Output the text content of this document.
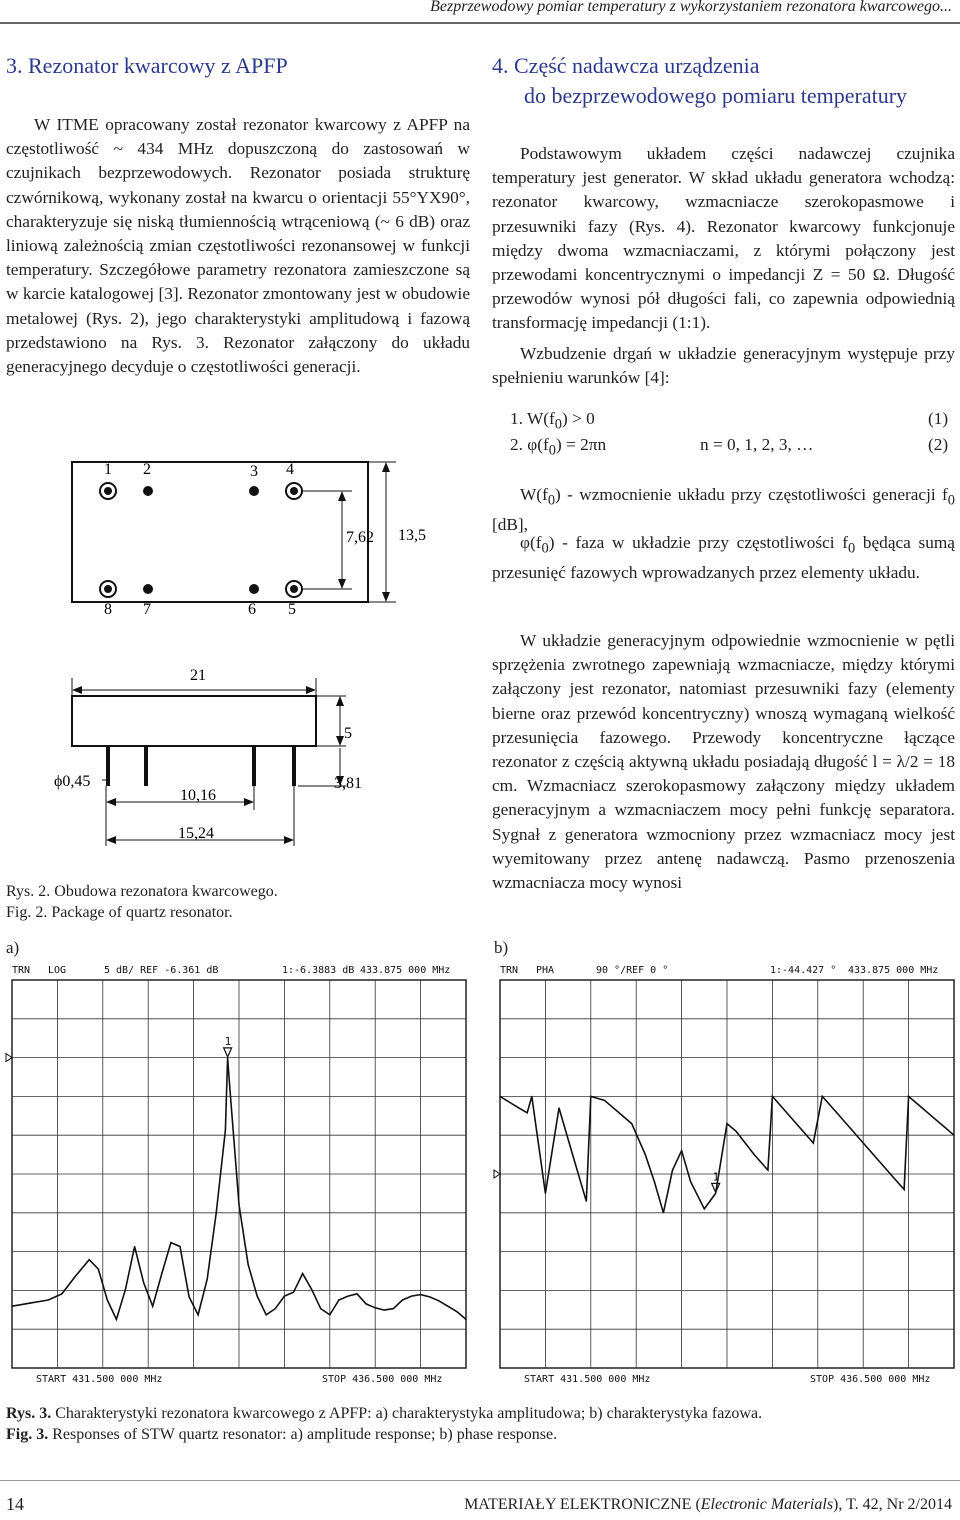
Bezprzewodowy pomiar temperatury z wykorzystaniem rezonatora kwarcowego...
3. Rezonator kwarcowy z APFP
W ITME opracowany został rezonator kwarcowy z APFP na częstotliwość ~ 434 MHz dopuszczoną do zastosowań w czujnikach bezprzewodowych. Rezonator posiada strukturę czwórnikową, wykonany został na kwarcu o orientacji 55°YX90°, charakteryzuje się niską tłumiennością wtrąceniową (~ 6 dB) oraz liniową zależnością zmian częstotliwości rezonansowej w funkcji temperatury. Szczegółowe parametry rezonatora zamieszczone są w karcie katalogowej [3]. Rezonator zmontowany jest w obudowie metalowej (Rys. 2), jego charakterystyki amplitudową i fazową przedstawiono na Rys. 3. Rezonator załączony do układu generacyjnego decyduje o częstotliwości generacji.
1 2	3 4
8 7	6 5
7,62 13,5
21
5
3,81
ϕ0,45
10,16
15,24
Rys. 2. Obudowa rezonatora kwarcowego.
Fig. 2. Package of quartz resonator.
4. Część nadawcza urządzenia
do bezprzewodowego pomiaru temperatury
Podstawowym układem części nadawczej czujnika temperatury jest generator. W skład układu generatora wchodzą: rezonator kwarcowy, wzmacniacze szerokopasmowe i przesuwniki fazy (Rys. 4). Rezonator kwarcowy funkcjonuje między dwoma wzmacniaczami, z którymi połączony jest przewodami koncentrycznymi o impedancji Z = 50 Ω. Długość przewodów wynosi pół długości fali, co zapewnia odpowiednią transformację impedancji (1:1).
Wzbudzenie drgań w układzie generacyjnym występuje przy spełnieniu warunków [4]:
1. $W(f_0) > 0$	(1)
2. $\varphi(f_0) = 2\pi n$	n = 0, 1, 2, 3, …	(2)
$W(f_0)$ - wzmocnienie układu przy częstotliwości generacji $f_0$ [dB],
$\varphi(f_0)$ - faza w układzie przy częstotliwości $f_0$ będąca sumą przesunięć fazowych wprowadzanych przez elementy układu.
W układzie generacyjnym odpowiednie wzmocnienie w pętli sprzężenia zwrotnego zapewniają wzmacniacze, między którymi załączony jest rezonator, natomiast przesuwniki fazy (elementy bierne oraz przewód koncentryczny) wnoszą wymaganą wielkość przesunięcia fazowego. Przewody koncentryczne łączące rezonator z częścią aktywną układu posiadają długość l = λ/2 = 18 cm. Wzmacniacz szerokopasmowy załączony między układem generacyjnym a wzmacniaczem mocy pełni funkcję separatora. Sygnał z generatora wzmocniony przez wzmacniacz mocy jest wyemitowany przez antenę nadawczą. Pasmo przenoszenia wzmacniacza mocy wynosi
a)	b)
TRN LOG	5 dB/ REF -6.361 dB	1:-6.3883 dB 433.875 000 MHz
1
START 431.500 000 MHz	STOP 436.500 000 MHz
TRN PHA	90 °/REF 0 °	1:-44.427 ° 433.875 000 MHz
1
START 431.500 000 MHz	STOP 436.500 000 MHz
Rys. 3. Charakterystyki rezonatora kwarcowego z APFP: a) charakterystyka amplitudowa; b) charakterystyka fazowa.
Fig. 3. Responses of STW quartz resonator: a) amplitude response; b) phase response.
14	MATERIAŁY ELEKTRONICZNE (Electronic Materials), T. 42, Nr 2/2014
